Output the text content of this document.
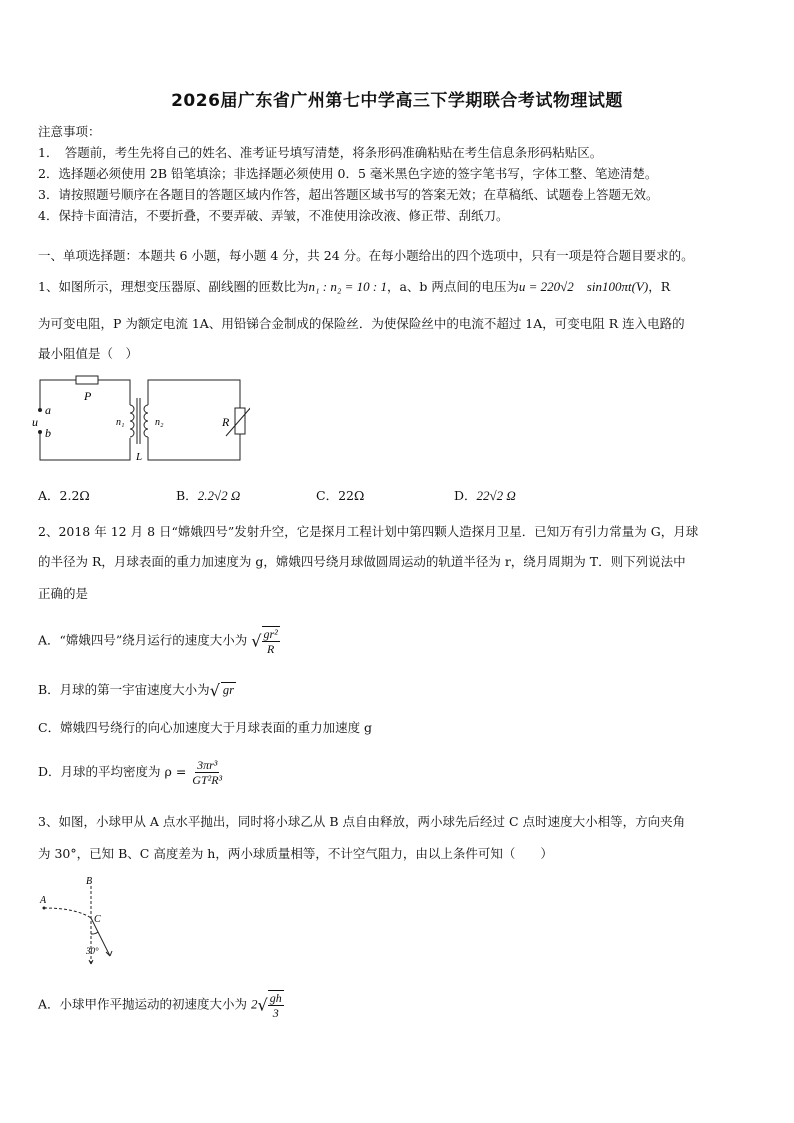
2026届广东省广州第七中学高三下学期联合考试物理试题
注意事项：
1．　答题前，考生先将自己的姓名、准考证号填写清楚，将条形码准确粘贴在考生信息条形码粘贴区。
2．选择题必须使用 2B 铅笔填涂；非选择题必须使用 0．5 毫米黑色字迹的签字笔书写，字体工整、笔迹清楚。
3．请按照题号顺序在各题目的答题区域内作答，超出答题区域书写的答案无效；在草稿纸、试题卷上答题无效。
4．保持卡面清洁，不要折叠，不要弄破、弄皱，不准使用涂改液、修正带、刮纸刀。
一、单项选择题：本题共 6 小题，每小题 4 分，共 24 分。在每小题给出的四个选项中，只有一项是符合题目要求的。
1、如图所示，理想变压器原、副线圈的匝数比为n₁ : n₂ = 10 : 1，a、b 两点间的电压为u = 220√2　sin100πt(V)，R
为可变电阻，P 为额定电流 1A、用铅锑合金制成的保险丝．为使保险丝中的电流不超过 1A，可变电阻 R 连入电路的
最小阻值是（　）
P
a
u
b
n₁	n₂
L
R
A．2.2Ω	B．2.2√2 Ω	C．22Ω	D．22√2 Ω
2、2018 年 12 月 8 日“嫦娥四号”发射升空，它是探月工程计划中第四颗人造探月卫星．已知万有引力常量为 G，月球
的半径为 R，月球表面的重力加速度为 g，嫦娥四号绕月球做圆周运动的轨道半径为 r，绕月周期为 T．则下列说法中
正确的是
A．“嫦娥四号”绕月运行的速度大小为 √ $\frac{\text{gr²}}{R}$
B．月球的第一宇宙速度大小为√ gr
C．嫦娥四号绕行的向心加速度大于月球表面的重力加速度 g
D．月球的平均密度为 $\rho = \frac{\text{3πr³}}{\text{GT²R³}}$
3、如图，小球甲从 A 点水平抛出，同时将小球乙从 B 点自由释放，两小球先后经过 C 点时速度大小相等，方向夹角
为 30°，已知 B、C 高度差为 h，两小球质量相等，不计空气阻力，由以上条件可知（　　）
A
B
C
30°
A．小球甲作平抛运动的初速度大小为 $2√ \frac{gh}{3}$
